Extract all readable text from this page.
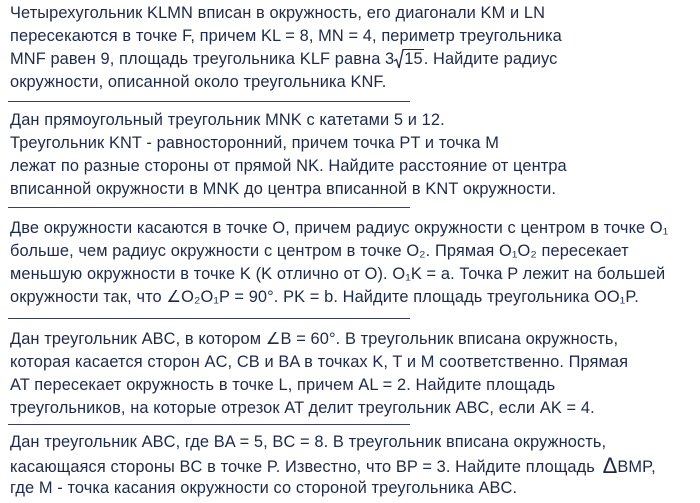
Четырехугольник KLMN вписан в окружность, его диагонали KM и LN
пересекаются в точке F, причем KL = 8, MN = 4, периметр треугольника
MNF равен 9, площадь треугольника KLF равна 3 15. Найдите радиус
окружности, описанной около треугольника KNF.
Дан прямоугольный треугольник MNK с катетами 5 и 12.
Треугольник KNT - равносторонний, причем точка PT и точка M
лежат по разные стороны от прямой NK. Найдите расстояние от центра
вписанной окружности в MNK до центра вписанной в KNT окружности.
Две окружности касаются в точке О, причем радиус окружности с центром в точке O₁
больше, чем радиус окружности с центром в точке O₂. Прямая O₁O₂ пересекает
меньшую окружности в точке K (K отлично от O). O₁K = a. Точка P лежит на большей
окружности так, что ∠O₂O₁P = 90°. PK = b. Найдите площадь треугольника OO₁P.
Дан треугольник ABC, в котором ∠B = 60°. В треугольник вписана окружность,
которая касается сторон AC, CB и BA в точках K, T и M соответственно. Прямая
AT пересекает окружность в точке L, причем AL = 2. Найдите площадь
треугольников, на которые отрезок AT делит треугольник ABC, если AK = 4.
Дан треугольник ABC, где BA = 5, BC = 8. В треугольник вписана окружность,
касающаяся стороны BC в точке P. Известно, что BP = 3. Найдите площадь ΔBMP,
где M - точка касания окружности со стороной треугольника ABC.
